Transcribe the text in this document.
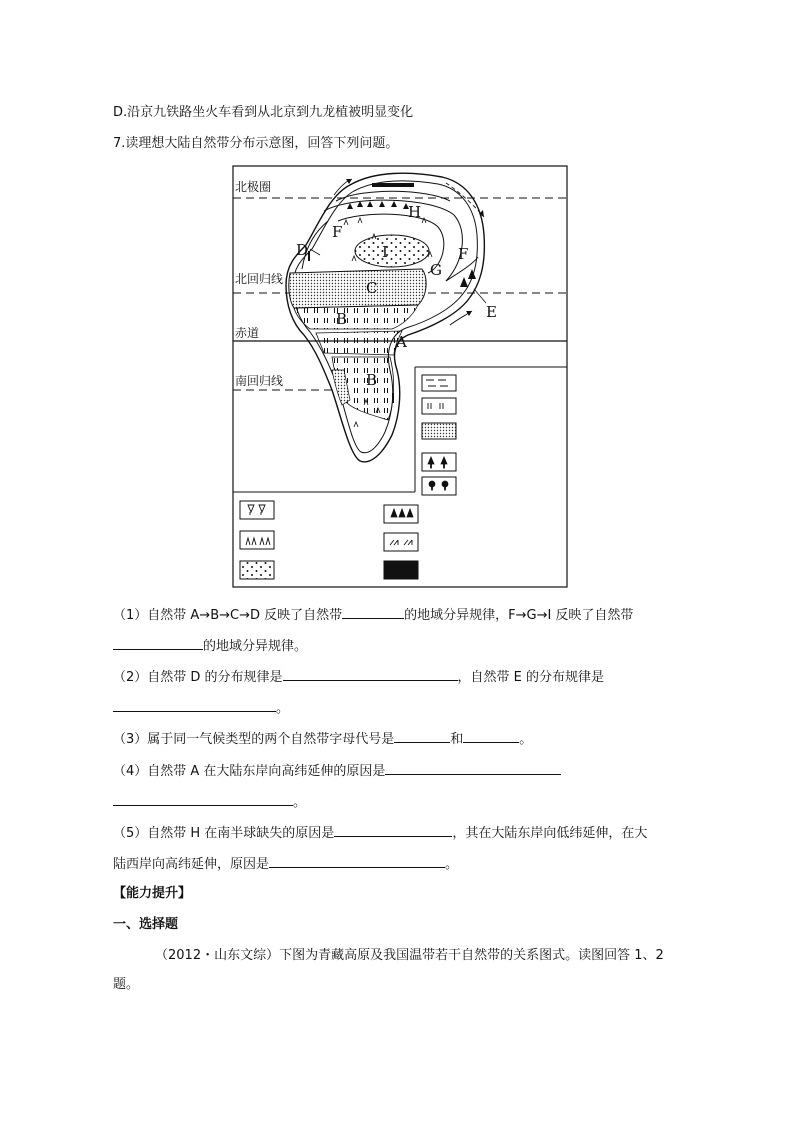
D.沿京九铁路坐火车看到从北京到九龙植被明显变化
7.读理想大陆自然带分布示意图，回答下列问题。
北极圈
北回归线
赤道
南回归线
A
B
B
C
D
E
F
F
G
H
I
（1）自然带 A→B→C→D 反映了自然带	的地域分异规律，F→G→I 反映了自然带
的地域分异规律。
（2）自然带 D 的分布规律是	，自然带 E 的分布规律是
。
（3）属于同一气候类型的两个自然带字母代号是	和	。
（4）自然带 A 在大陆东岸向高纬延伸的原因是
。
（5）自然带 H 在南半球缺失的原因是	，其在大陆东岸向低纬延伸，在大
陆西岸向高纬延伸，原因是	。
【能力提升】
一、选择题
（2012・山东文综）下图为青藏高原及我国温带若干自然带的关系图式。读图回答 1、2
题。
